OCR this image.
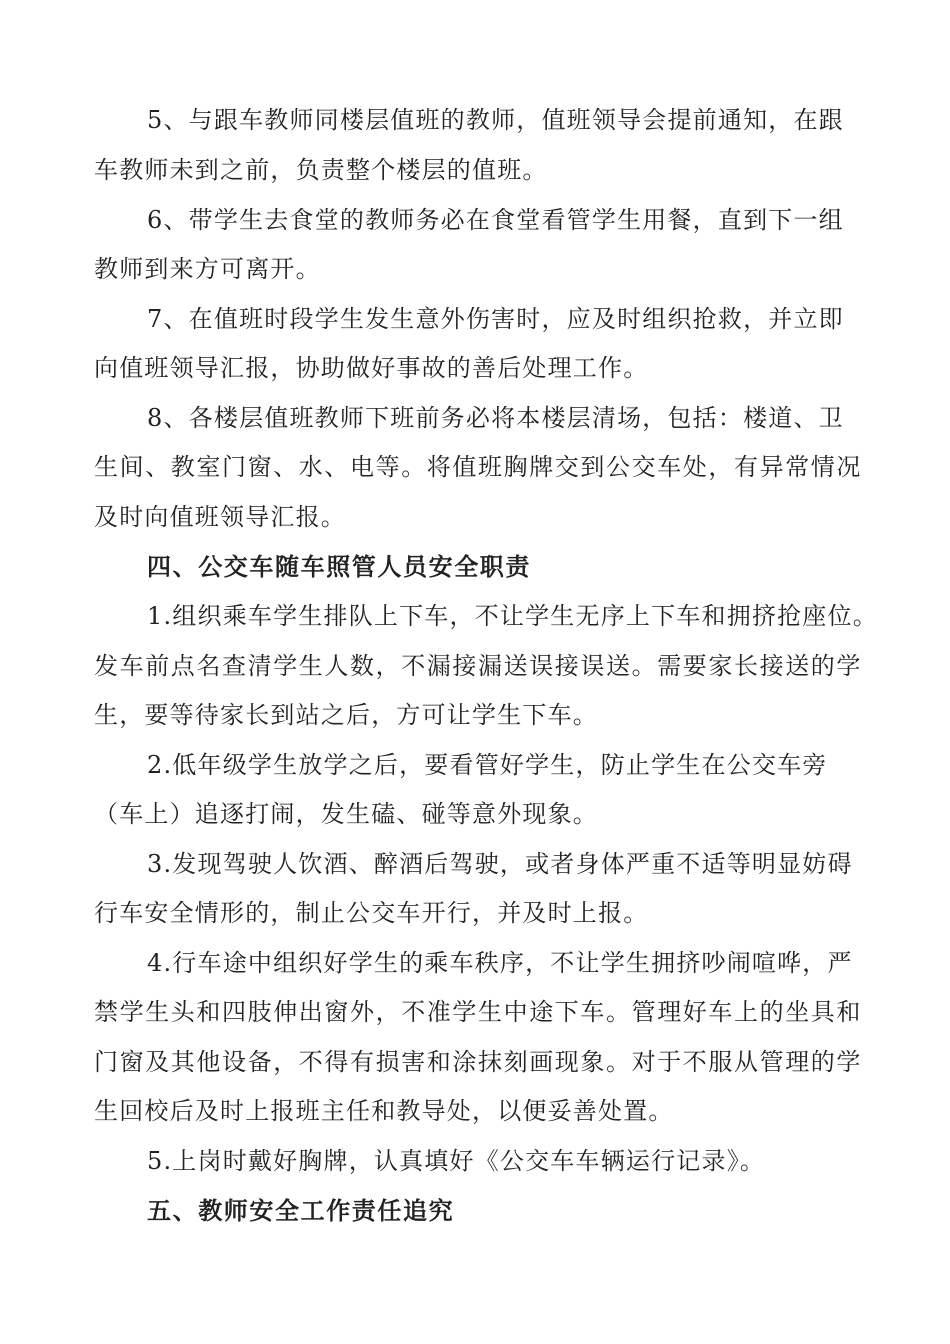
5、与跟车教师同楼层值班的教师，值班领导会提前通知，在跟
车教师未到之前，负责整个楼层的值班。
6、带学生去食堂的教师务必在食堂看管学生用餐，直到下一组
教师到来方可离开。
7、在值班时段学生发生意外伤害时，应及时组织抢救，并立即
向值班领导汇报，协助做好事故的善后处理工作。
8、各楼层值班教师下班前务必将本楼层清场，包括：楼道、卫
生间、教室门窗、水、电等。将值班胸牌交到公交车处，有异常情况
及时向值班领导汇报。
四、公交车随车照管人员安全职责
1.组织乘车学生排队上下车，不让学生无序上下车和拥挤抢座位。
发车前点名查清学生人数，不漏接漏送误接误送。需要家长接送的学
生，要等待家长到站之后，方可让学生下车。
2.低年级学生放学之后，要看管好学生，防止学生在公交车旁
（车上）追逐打闹，发生磕、碰等意外现象。
3.发现驾驶人饮酒、醉酒后驾驶，或者身体严重不适等明显妨碍
行车安全情形的，制止公交车开行，并及时上报。
4.行车途中组织好学生的乘车秩序，不让学生拥挤吵闹喧哗，严
禁学生头和四肢伸出窗外，不准学生中途下车。管理好车上的坐具和
门窗及其他设备，不得有损害和涂抹刻画现象。对于不服从管理的学
生回校后及时上报班主任和教导处，以便妥善处置。
5.上岗时戴好胸牌，认真填好《公交车车辆运行记录》。
五、教师安全工作责任追究
